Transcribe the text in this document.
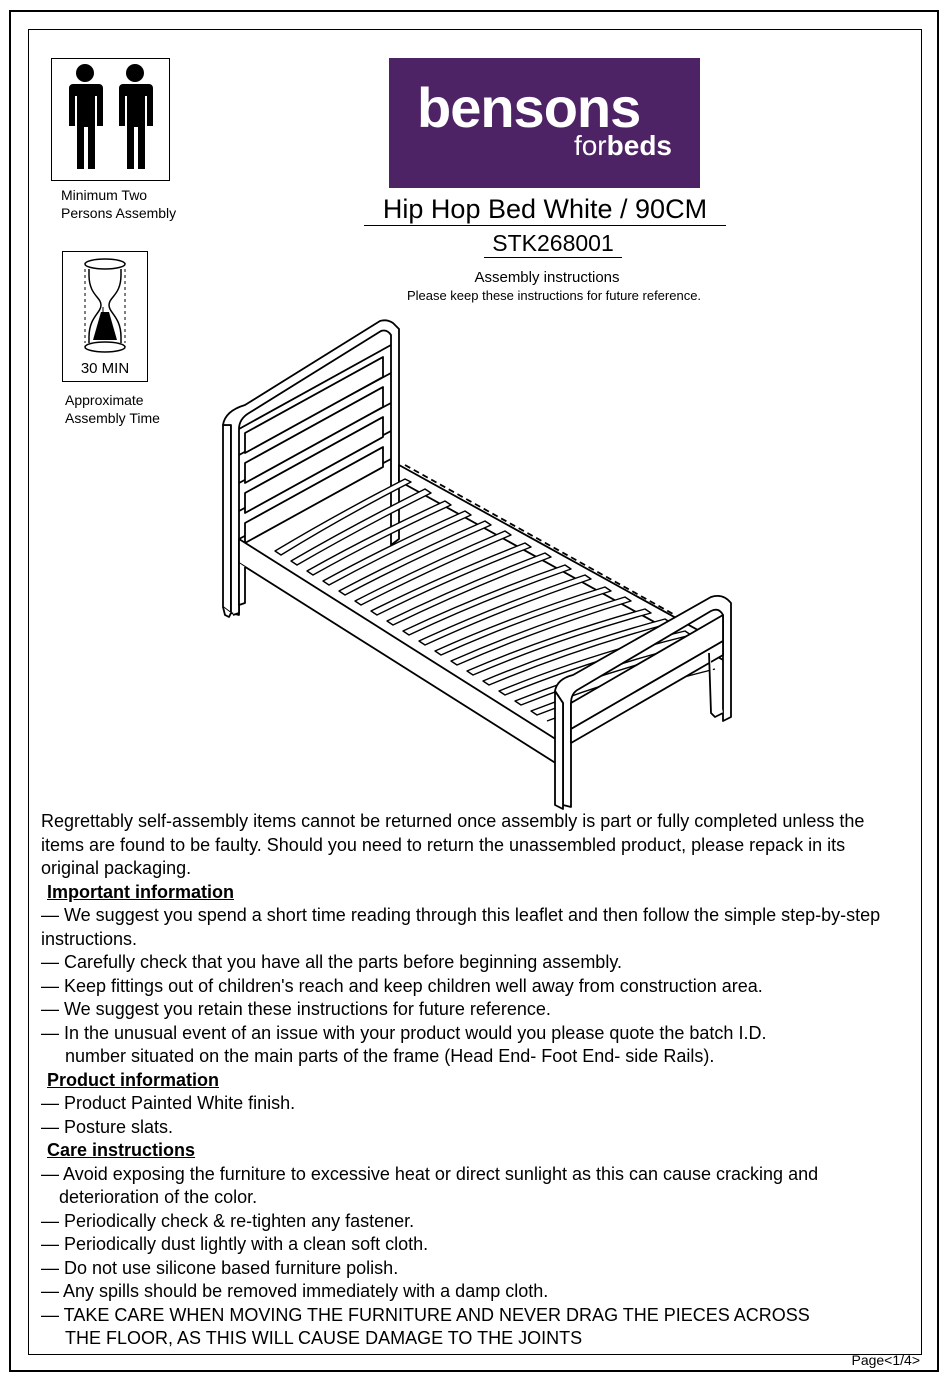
Minimum Two
Persons Assembly
30 MIN
Approximate
Assembly Time
bensons
forbeds
Hip Hop Bed White / 90CM
STK268001
Assembly instructions
Please keep these instructions for future reference.

Regrettably self-assembly items cannot be returned once assembly is part or fully completed unless the items are found to be faulty. Should you need to return the unassembled product, please repack in its original packaging.

Important information

— We suggest you spend a short time reading through this leaflet and then follow the simple step-by-step instructions.

— Carefully check that you have all the parts before beginning assembly.

— Keep fittings out of children's reach and keep children well away from construction area.

— We suggest you retain these instructions for future reference.

— In the unusual event of an issue with your product would you please quote the batch I.D.

number situated on the main parts of the frame (Head End- Foot End- side Rails).

Product information

— Product Painted White finish.

— Posture slats.

Care instructions

— Avoid exposing the furniture to excessive heat or direct sunlight as this can cause cracking and

deterioration of the color.

— Periodically check & re-tighten any fastener.

— Periodically dust lightly with a clean soft cloth.

— Do not use silicone based furniture polish.

— Any spills should be removed immediately with a damp cloth.

— TAKE CARE WHEN MOVING THE FURNITURE AND NEVER DRAG THE PIECES ACROSS

THE FLOOR, AS THIS WILL CAUSE DAMAGE TO THE JOINTS

Page<1/4>
